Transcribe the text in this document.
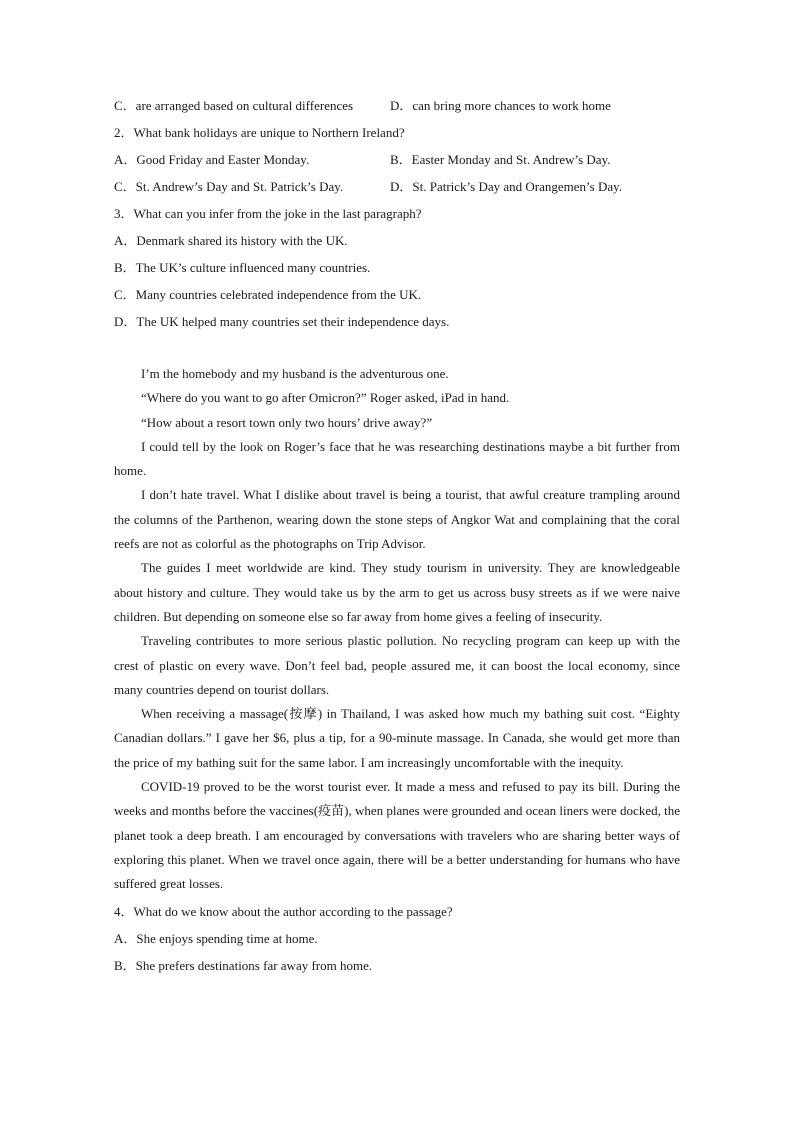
C．are arranged based on cultural differences	D．can bring more chances to work home
2．What bank holidays are unique to Northern Ireland?
A．Good Friday and Easter Monday.	B．Easter Monday and St. Andrew’s Day.
C．St. Andrew’s Day and St. Patrick’s Day.	D．St. Patrick’s Day and Orangemen’s Day.
3．What can you infer from the joke in the last paragraph?
A．Denmark shared its history with the UK.
B．The UK’s culture influenced many countries.
C．Many countries celebrated independence from the UK.
D．The UK helped many countries set their independence days.

I’m the homebody and my husband is the adventurous one.

“Where do you want to go after Omicron?” Roger asked, iPad in hand.

“How about a resort town only two hours’ drive away?”

I could tell by the look on Roger’s face that he was researching destinations maybe a bit further from home.

I don’t hate travel. What I dislike about travel is being a tourist, that awful creature trampling around the columns of the Parthenon, wearing down the stone steps of Angkor Wat and complaining that the coral reefs are not as colorful as the photographs on Trip Advisor.

The guides I meet worldwide are kind. They study tourism in university. They are knowledgeable about history and culture. They would take us by the arm to get us across busy streets as if we were naive children. But depending on someone else so far away from home gives a feeling of insecurity.

Traveling contributes to more serious plastic pollution. No recycling program can keep up with the crest of plastic on every wave. Don’t feel bad, people assured me, it can boost the local economy, since many countries depend on tourist dollars.

When receiving a massage(按摩) in Thailand, I was asked how much my bathing suit cost. “Eighty Canadian dollars.” I gave her $6, plus a tip, for a 90-minute massage. In Canada, she would get more than the price of my bathing suit for the same labor. I am increasingly uncomfortable with the inequity.

COVID-19 proved to be the worst tourist ever. It made a mess and refused to pay its bill. During the weeks and months before the vaccines(疫苗), when planes were grounded and ocean liners were docked, the planet took a deep breath. I am encouraged by conversations with travelers who are sharing better ways of exploring this planet. When we travel once again, there will be a better understanding for humans who have suffered great losses.

4．What do we know about the author according to the passage?
A．She enjoys spending time at home.
B．She prefers destinations far away from home.
